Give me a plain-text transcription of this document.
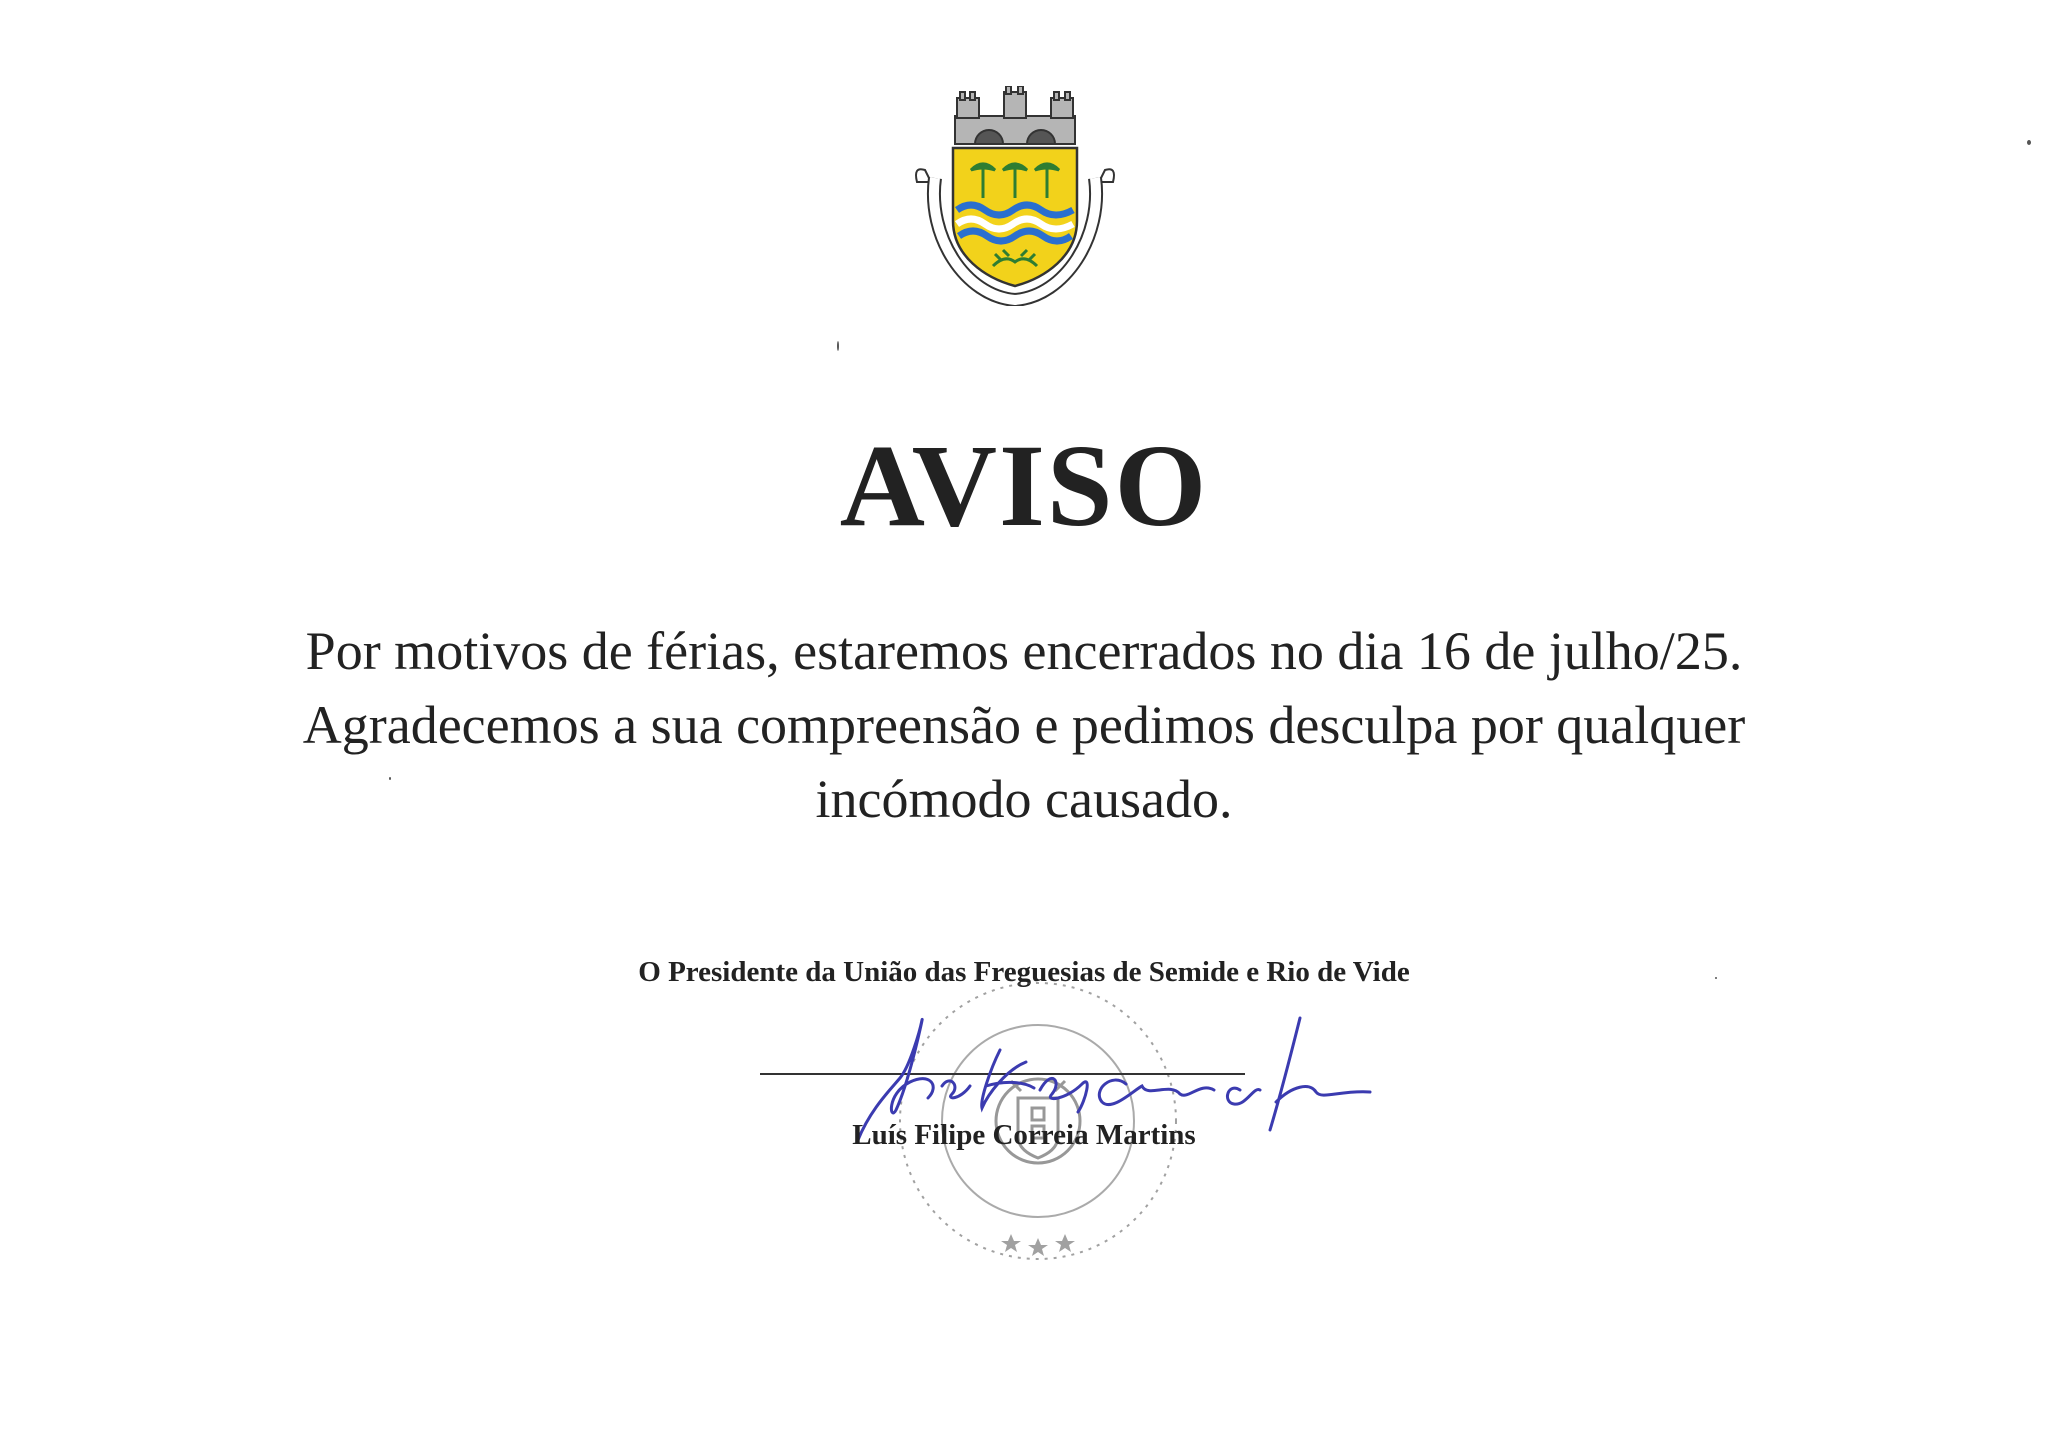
AVISO
Por motivos de férias, estaremos encerrados no dia 16 de julho/25.
Agradecemos a sua compreensão e pedimos desculpa por qualquer
incómodo causado.
O Presidente da União das Freguesias de Semide e Rio de Vide
Luís Filipe Correia Martins
